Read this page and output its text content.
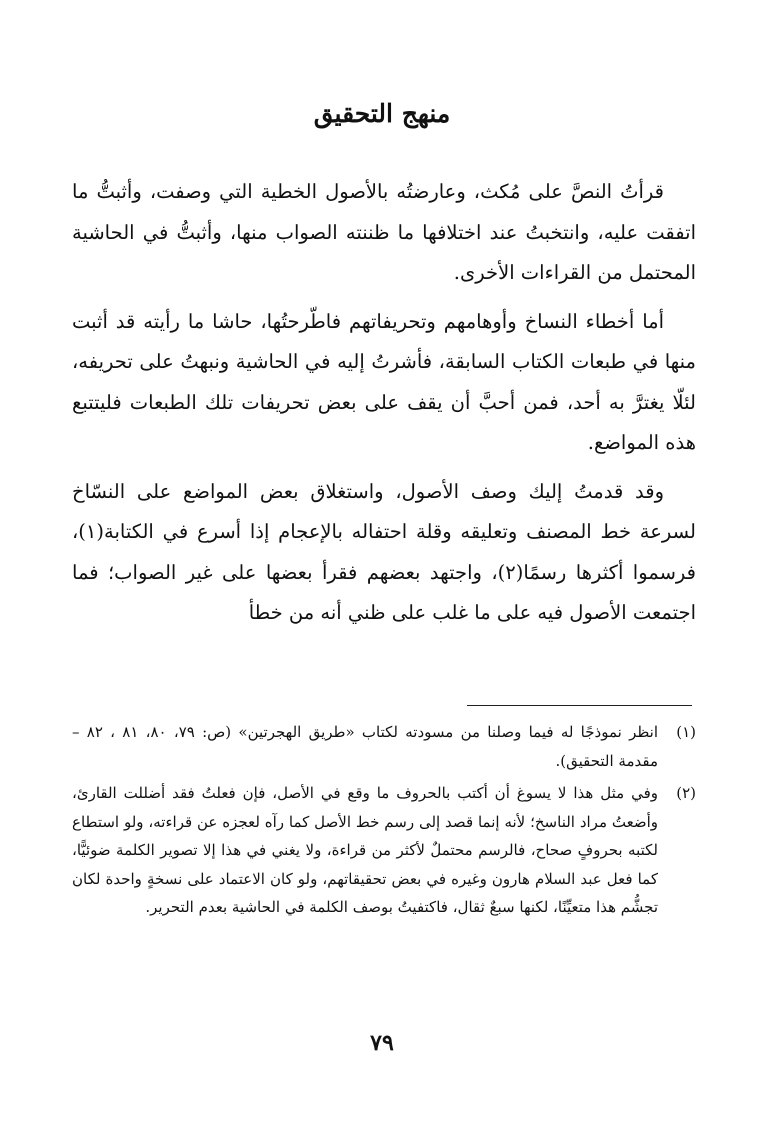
منهج التحقيق

قرأتُ النصَّ على مُكث، وعارضتُه بالأصول الخطية التي وصفت، وأثبتُّ ما اتفقت عليه، وانتخبتُ عند اختلافها ما ظننته الصواب منها، وأثبتُّ في الحاشية المحتمل من القراءات الأخرى.

أما أخطاء النساخ وأوهامهم وتحريفاتهم فاطّرحتُها، حاشا ما رأيته قد أثبت منها في طبعات الكتاب السابقة، فأشرتُ إليه في الحاشية ونبهتُ على تحريفه، لئلّا يغترَّ به أحد، فمن أحبَّ أن يقف على بعض تحريفات تلك الطبعات فليتتبع هذه المواضع.

وقد قدمتُ إليك وصف الأصول، واستغلاق بعض المواضع على النسّاخ لسرعة خط المصنف وتعليقه وقلة احتفاله بالإعجام إذا أسرع في الكتابة(١)، فرسموا أكثرها رسمًا(٢)، واجتهد بعضهم فقرأ بعضها على غير الصواب؛ فما اجتمعت الأصول فيه على ما غلب على ظني أنه من خطأ

(١)
انظر نموذجًا له فيما وصلنا من مسودته لكتاب «طريق الهجرتين» (ص: ٧٩، ٨٠، ٨١ ، ٨٢ – مقدمة التحقيق).
(٢)
وفي مثل هذا لا يسوغ أن أكتب بالحروف ما وقع في الأصل، فإن فعلتُ فقد أضللت القارئ، وأضعتُ مراد الناسخ؛ لأنه إنما قصد إلى رسم خط الأصل كما رآه لعجزه عن قراءته، ولو استطاع لكتبه بحروفٍ صحاح، فالرسم محتملٌ لأكثر من قراءة، ولا يغني في هذا إلا تصوير الكلمة ضوئيًّا، كما فعل عبد السلام هارون وغيره في بعض تحقيقاتهم، ولو كان الاعتماد على نسخةٍ واحدة لكان تجشُّم هذا متعيِّنًا، لكنها سبعٌ ثقال، فاكتفيتُ بوصف الكلمة في الحاشية بعدم التحرير.
٧٩
